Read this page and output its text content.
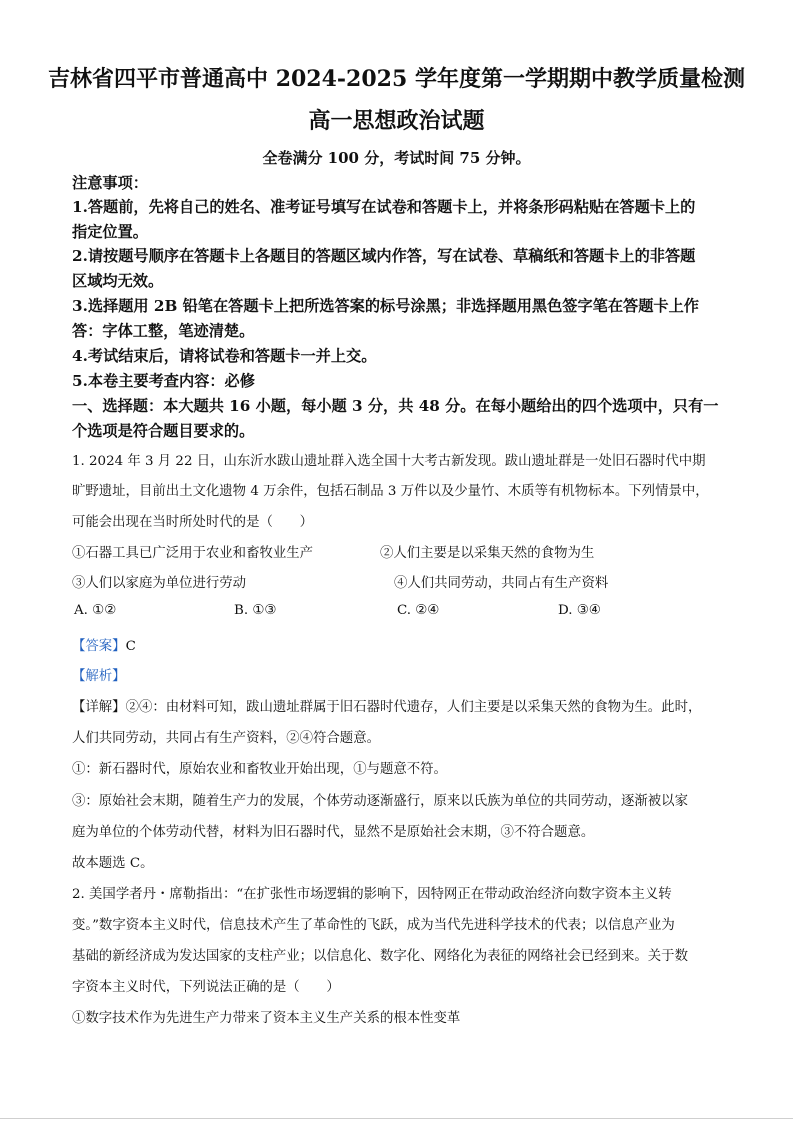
吉林省四平市普通高中 2024-2025 学年度第一学期期中教学质量检测
高一思想政治试题
全卷满分 100 分，考试时间 75 分钟。
注意事项：
1.答题前，先将自己的姓名、准考证号填写在试卷和答题卡上，并将条形码粘贴在答题卡上的
指定位置。
2.请按题号顺序在答题卡上各题目的答题区域内作答，写在试卷、草稿纸和答题卡上的非答题
区域均无效。
3.选择题用 2B 铅笔在答题卡上把所选答案的标号涂黑；非选择题用黑色签字笔在答题卡上作
答：字体工整，笔迹清楚。
4.考试结束后，请将试卷和答题卡一并上交。
5.本卷主要考查内容：必修
一、选择题：本大题共 16 小题，每小题 3 分，共 48 分。在每小题给出的四个选项中，只有一
个选项是符合题目要求的。
1. 2024 年 3 月 22 日，山东沂水跋山遗址群入选全国十大考古新发现。跋山遗址群是一处旧石器时代中期
旷野遗址，目前出土文化遗物 4 万余件，包括石制品 3 万件以及少量竹、木质等有机物标本。下列情景中，
可能会出现在当时所处时代的是（　　）
①石器工具已广泛用于农业和畜牧业生产	②人们主要是以采集天然的食物为生
③人们以家庭为单位进行劳动	④人们共同劳动，共同占有生产资料
A. ①②	B. ①③	C. ②④	D. ③④
【答案】C
【解析】
【详解】②④：由材料可知，跋山遗址群属于旧石器时代遗存，人们主要是以采集天然的食物为生。此时，
人们共同劳动，共同占有生产资料，②④符合题意。
①：新石器时代，原始农业和畜牧业开始出现，①与题意不符。
③：原始社会末期，随着生产力的发展，个体劳动逐渐盛行，原来以氏族为单位的共同劳动，逐渐被以家
庭为单位的个体劳动代替，材料为旧石器时代，显然不是原始社会末期，③不符合题意。
故本题选 C。
2. 美国学者丹・席勒指出：“在扩张性市场逻辑的影响下，因特网正在带动政治经济向数字资本主义转
变。”数字资本主义时代，信息技术产生了革命性的飞跃，成为当代先进科学技术的代表；以信息产业为
基础的新经济成为发达国家的支柱产业；以信息化、数字化、网络化为表征的网络社会已经到来。关于数
字资本主义时代，下列说法正确的是（　　）
①数字技术作为先进生产力带来了资本主义生产关系的根本性变革
